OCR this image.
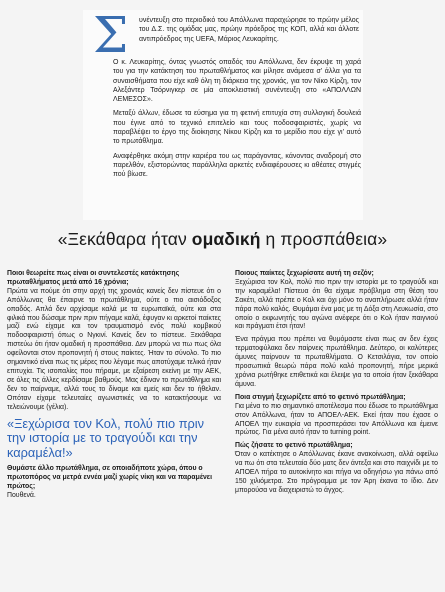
Σ υνέντευξη στο περιοδικό του Απόλλωνα παραχώρησε το πρώην μέλος του Δ.Σ. της ομάδας μας, πρώην πρόεδρος της ΚΟΠ, αλλά και άλλοτε αντιπρόεδρος της UEFA, Μάριος Λευκαρίτης.

Ο κ. Λευκαρίτης, όντας γνωστός οπαδός του Απόλλωνα, δεν έκρυψε τη χαρά του για την κατάκτηση του πρωταθλήματος και μίλησε ανάμεσα σ' άλλα για τα συναισθήματα που είχε καθ όλη τη διάρκεια της χρονιάς, για τον Νίκο Κίρζη, τον Αλεξάντερ Τσόρνιγκερ σε μία αποκλειστική συνέντευξη στο «ΑΠΟΛΛΩΝ ΛΕΜΕΣΟΣ».

Μεταξύ άλλων, έδωσε τα εύσημα για τη φετινή επιτυχία στη συλλογική δουλειά που έγινε από το τεχνικό επιτελείο και τους ποδοσφαιριστές, χωρίς να παραβλέψει το έργο της διοίκησης Νίκου Κίρζη και το μερίδιο που είχε γι' αυτό το πρωτάθλημα.

Αναφέρθηκε ακόμη στην καριέρα του ως παράγοντας, κάνοντας αναδρομή στο παρελθόν, εξιστορώντας παράλληλα αρκετές ενδιαφέρουσες κι αθέατες στιγμές πού βίωσε.

«Ξεκάθαρα ήταν ομαδική η προσπάθεια»

Ποιοι θεωρείτε πως είναι οι συντελεστές κατάκτησης πρωταθλήματος μετά από 16 χρόνια;

Πρώτα να πούμε ότι στην αρχή της χρονιάς κανείς δεν πίστευε ότι ο Απόλλωνας θα έπαιρνε το πρωτάθλημα, ούτε ο πιο αισιόδοξος οπαδός. Απλά δεν αρχίσαμε καλά με τα ευρωπαϊκά, ούτε και στα φιλικά που δώσαμε πριν πριν πήγαμε καλά, έφυγαν κι αρκετοί παίκτες μαζί ενώ είχαμε και τον τραυματισμό ενός πολύ κομβικού ποδοσφαιριστή όπως ο Νγκινί. Κανείς δεν το πίστευε. Ξεκάθαρα πιστεύω ότι ήταν ομαδική η προσπάθεια. Δεν μπορώ να πω πως όλα οφείλονται στον προπονητή ή στους παίκτες. Ήταν το σύνολο. Το πιο σημαντικό είναι πως τις μέρες που λέγαμε πως αποτύχαμε τελικά ήταν επιτυχία. Τις ισοπαλίες που πήραμε, με εξαίρεση εκείνη με την ΑΕΚ, σε όλες τις άλλες κερδίσαμε βαθμούς. Μας έδιναν το πρωτάθλημα και δεν το παίρναμε, αλλά τους το δίναμε και εμείς και δεν το ήθελαν. Οπόταν είχαμε τελευταίες αγωνιστικές να το κατακτήσουμε να τελειώνουμε (γέλια).

«Ξεχώρισα τον Κολ, πολύ πιο πριν την ιστορία με το τραγούδι και την καραμέλα!»

Θυμάστε άλλο πρωτάθλημα, σε οποιαδήποτε χώρα, όπου ο πρωτοπόρος να μετρά εννέα μαζί χωρίς νίκη και να παραμένει πρώτος;

Πουθενά.

Ποιους παίκτες ξεχωρίσατε αυτή τη σεζόν;

Ξεχώρισα τον Κολ, πολύ πιο πριν την ιστορία με το τραγούδι και την καραμέλα! Πίστευα ότι θα είχαμε πρόβλημα στη θέση του Σακέτι, αλλά πρέπε ο Κολ και όχι μόνο το αναπλήρωσε αλλά ήταν πάρα πολύ καλός. Θυμάμαι ένα μας με τη Δόξα στη Λευκωσία, στο οποίο ο εκφωνητής του αγώνα ανέφερε ότι ο Κολ ήταν παιγνιού και πράγματι έτσι ήταν!

Ένα πράγμα που πρέπει να θυμόμαστε είναι πως αν δεν έχεις τερματοφύλακα δεν παίρνεις πρωτάθλημα. Δεύτερο, οι καλύτερες άμυνες παίρνουν τα πρωταθλήματα. Ο Κετσιλάγια, τον οποίο προσωπικά θεωρώ πάρα πολύ καλό προπονητή, πήρε μερικά χρόνια ρωτήθηκε επιθετικά και έλειψε για τα οποία ήταν ξεκάθαρα άμυνα.

Ποια στιγμή ξεχωρίζετε από το φετινό πρωτάθλημα;

Για μένα το πιο σημαντικό αποτέλεσμα που έδωσε το πρωτάθλημα στον Απόλλωνα, ήταν το ΑΠΟΕΛ-ΑΕΚ. Εκεί ήταν που έχασε ο ΑΠΟΕΛ την ευκαιρία να προσπεράσει τον Απόλλωνα και έμεινε πρώτος. Για μένα αυτό ήταν το turning point.

Πώς ζήσατε το φετινό πρωτάθλημα;

Όταν ο κατέκτησε ο Απόλλωνας έκανε ανακοίνωση, αλλά οφείλω να πω ότι στα τελευταία δύο ματς δεν άντεξα και στο παιχνίδι με το ΑΠΟΕΛ πήρα το αυτοκίνητο και πήγα να οδηγήσω για πάνω από 150 χιλιόμετρα. Στο πρόγραμμα με τον Άρη έκανα το ίδιο. Δεν μπορούσα να διαχειριστώ το άγχος.
